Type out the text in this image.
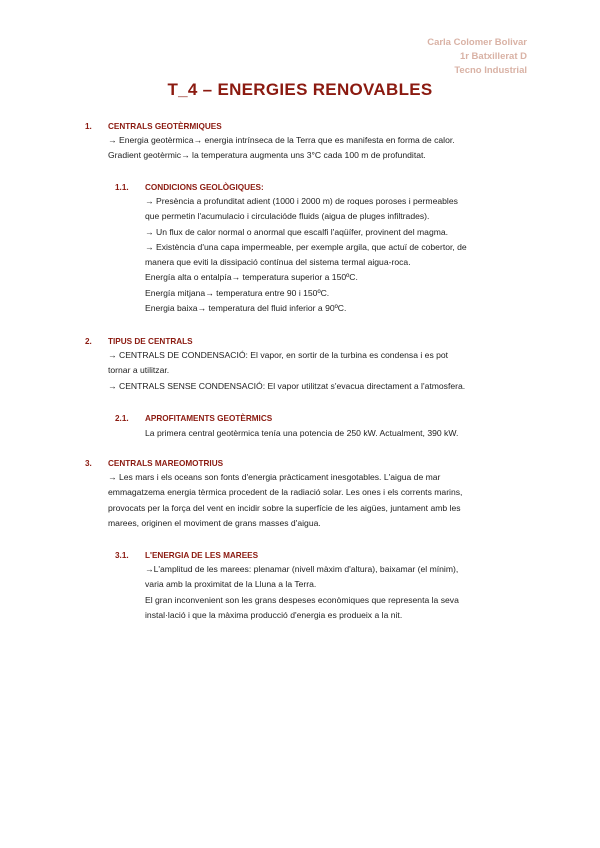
Carla Colomer Bolivar
1r Batxillerat D
Tecno Industrial
T_4 – ENERGIES RENOVABLES
1. CENTRALS GEOTÈRMIQUES
→ Energia geotèrmica→ energia intrínseca de la Terra que es manifesta en forma de calor.
Gradient geotèrmic→ la temperatura augmenta uns 3°C cada 100 m de profunditat.
1.1. CONDICIONS GEOLÒGIQUES:
→ Presència a profunditat adient (1000 i 2000 m) de roques poroses i permeables
que permetin l'acumulacio i circulacióde fluids (aigua de pluges infiltrades).
→ Un flux de calor normal o anormal que escalfi l'aqüífer, provinent del magma.
→ Existència d'una capa impermeable, per exemple argila, que actuï de cobertor, de
manera que eviti la dissipació contínua del sistema termal aigua-roca.
Energía alta o entalpía→ temperatura superior a 150ºC.
Energía mitjana→ temperatura entre 90 i 150ºC.
Energia baixa→ temperatura del fluid inferior a 90ºC.
2. TIPUS DE CENTRALS
→ CENTRALS DE CONDENSACIÓ: El vapor, en sortir de la turbina es condensa i es pot
tornar a utilitzar.
→ CENTRALS SENSE CONDENSACIÓ: El vapor utilitzat s'evacua directament a l'atmosfera.
2.1. APROFITAMENTS GEOTÈRMICS
La primera central geotèrmica tenía una potencia de 250 kW. Actualment, 390 kW.
3. CENTRALS MAREOMOTRIUS
→ Les mars i els oceans son fonts d'energia pràcticament inesgotables. L'aigua de mar
emmagatzema energia tèrmica procedent de la radiació solar. Les ones i els corrents marins,
provocats per la força del vent en incidir sobre la superfície de les aigües, juntament amb les
marees, originen el moviment de grans masses d'aigua.
3.1. L'ENERGIA DE LES MAREES
→L'amplitud de les marees: plenamar (nivell màxim d'altura), baixamar (el mínim),
varia amb la proximitat de la Lluna a la Terra.
El gran inconvenient son les grans despeses econòmiques que representa la seva
instal·lació i que la màxima producció d'energia es produeix a la nit.
